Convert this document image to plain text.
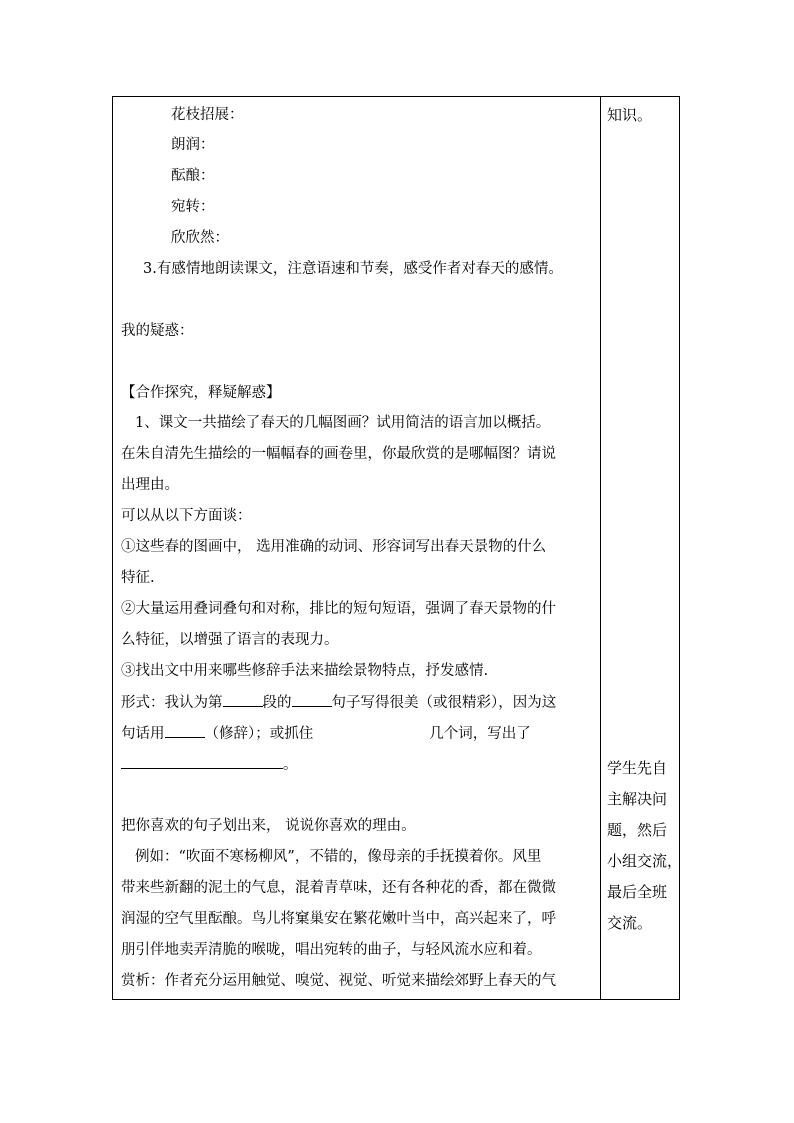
花枝招展：
朗润：
酝酿：
宛转：
欣欣然：
3.有感情地朗读课文，注意语速和节奏，感受作者对春天的感情。
我的疑惑：
【合作探究，释疑解惑】
1、课文一共描绘了春天的几幅图画？试用简洁的语言加以概括。
在朱自清先生描绘的一幅幅春的画卷里，你最欣赏的是哪幅图？请说
出理由。
可以从以下方面谈：
①这些春的图画中， 选用准确的动词、形容词写出春天景物的什么
特征.
②大量运用叠词叠句和对称，排比的短句短语，强调了春天景物的什
么特征，以增强了语言的表现力。
③找出文中用来哪些修辞手法来描绘景物特点，抒发感情.
形式：我认为第	段的	句子写得很美（或很精彩），因为这
句话用	（修辞）；或抓住	几个词，写出了
。
把你喜欢的句子划出来， 说说你喜欢的理由。
例如：“吹面不寒杨柳风”，不错的，像母亲的手抚摸着你。风里
带来些新翻的泥土的气息，混着青草味，还有各种花的香，都在微微
润湿的空气里酝酿。鸟儿将窠巢安在繁花嫩叶当中，高兴起来了，呼
朋引伴地卖弄清脆的喉咙，唱出宛转的曲子，与轻风流水应和着。
赏析：作者充分运用触觉、嗅觉、视觉、听觉来描绘郊野上春天的气
知识。
学生先自
主解决问
题，然后
小组交流，
最后全班
交流。
